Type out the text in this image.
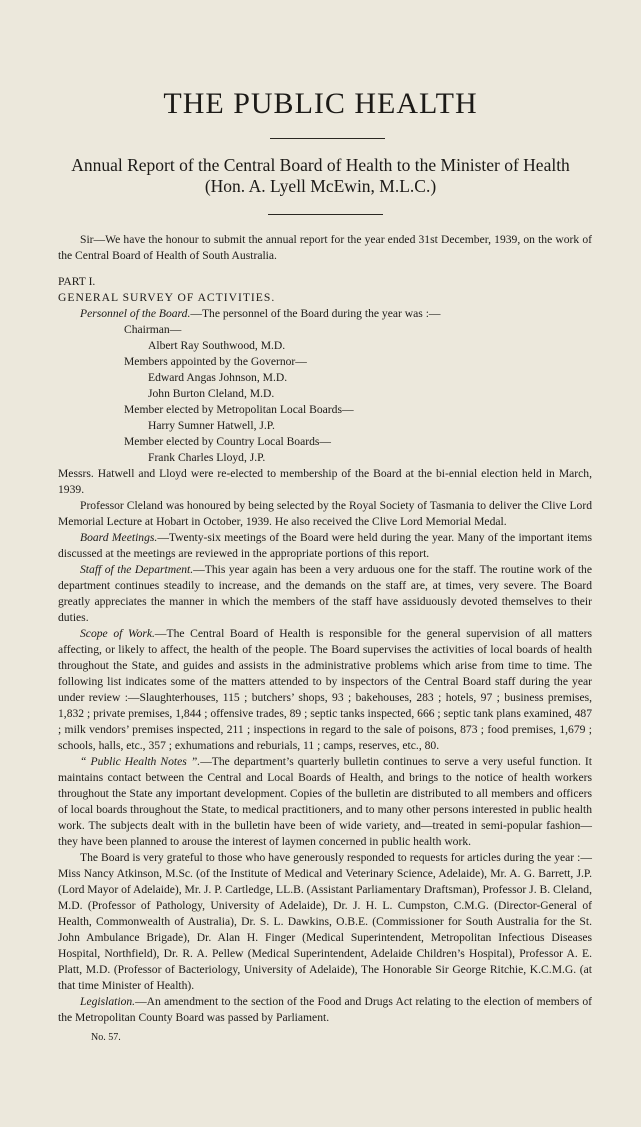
THE PUBLIC HEALTH
Annual Report of the Central Board of Health to the Minister of Health
(Hon. A. Lyell McEwin, M.L.C.)

Sir—We have the honour to submit the annual report for the year ended 31st December, 1939, on the work of the Central Board of Health of South Australia.

PART I.

GENERAL SURVEY OF ACTIVITIES.

Personnel of the Board.—The personnel of the Board during the year was :—

Chairman—

Albert Ray Southwood, M.D.

Members appointed by the Governor—

Edward Angas Johnson, M.D.

John Burton Cleland, M.D.

Member elected by Metropolitan Local Boards—

Harry Sumner Hatwell, J.P.

Member elected by Country Local Boards—

Frank Charles Lloyd, J.P.

Messrs. Hatwell and Lloyd were re-elected to membership of the Board at the bi-ennial election held in March, 1939.

Professor Cleland was honoured by being selected by the Royal Society of Tasmania to deliver the Clive Lord Memorial Lecture at Hobart in October, 1939. He also received the Clive Lord Memorial Medal.

Board Meetings.—Twenty-six meetings of the Board were held during the year. Many of the important items discussed at the meetings are reviewed in the appropriate portions of this report.

Staff of the Department.—This year again has been a very arduous one for the staff. The routine work of the department continues steadily to increase, and the demands on the staff are, at times, very severe. The Board greatly appreciates the manner in which the members of the staff have assiduously devoted themselves to their duties.

Scope of Work.—The Central Board of Health is responsible for the general supervision of all matters affecting, or likely to affect, the health of the people. The Board supervises the activities of local boards of health throughout the State, and guides and assists in the administrative problems which arise from time to time. The following list indicates some of the matters attended to by inspectors of the Central Board staff during the year under review :—Slaughterhouses, 115 ; butchers’ shops, 93 ; bakehouses, 283 ; hotels, 97 ; business premises, 1,832 ; private premises, 1,844 ; offensive trades, 89 ; septic tanks inspected, 666 ; septic tank plans examined, 487 ; milk vendors’ premises inspected, 211 ; inspections in regard to the sale of poisons, 873 ; food premises, 1,679 ; schools, halls, etc., 357 ; exhumations and reburials, 11 ; camps, reserves, etc., 80.

“ Public Health Notes ”.—The department’s quarterly bulletin continues to serve a very useful function. It maintains contact between the Central and Local Boards of Health, and brings to the notice of health workers throughout the State any important development. Copies of the bulletin are distributed to all members and officers of local boards throughout the State, to medical practitioners, and to many other persons interested in public health work. The subjects dealt with in the bulletin have been of wide variety, and—treated in semi-popular fashion—they have been planned to arouse the interest of laymen concerned in public health work.

The Board is very grateful to those who have generously responded to requests for articles during the year :—Miss Nancy Atkinson, M.Sc. (of the Institute of Medical and Veterinary Science, Adelaide), Mr. A. G. Barrett, J.P. (Lord Mayor of Adelaide), Mr. J. P. Cartledge, LL.B. (Assistant Parliamentary Draftsman), Professor J. B. Cleland, M.D. (Professor of Pathology, University of Adelaide), Dr. J. H. L. Cumpston, C.M.G. (Director-General of Health, Commonwealth of Australia), Dr. S. L. Dawkins, O.B.E. (Commissioner for South Australia for the St. John Ambulance Brigade), Dr. Alan H. Finger (Medical Superintendent, Metropolitan Infectious Diseases Hospital, Northfield), Dr. R. A. Pellew (Medical Superintendent, Adelaide Children’s Hospital), Professor A. E. Platt, M.D. (Professor of Bacteriology, University of Adelaide), The Honorable Sir George Ritchie, K.C.M.G. (at that time Minister of Health).

Legislation.—An amendment to the section of the Food and Drugs Act relating to the election of members of the Metropolitan County Board was passed by Parliament.

No. 57.
